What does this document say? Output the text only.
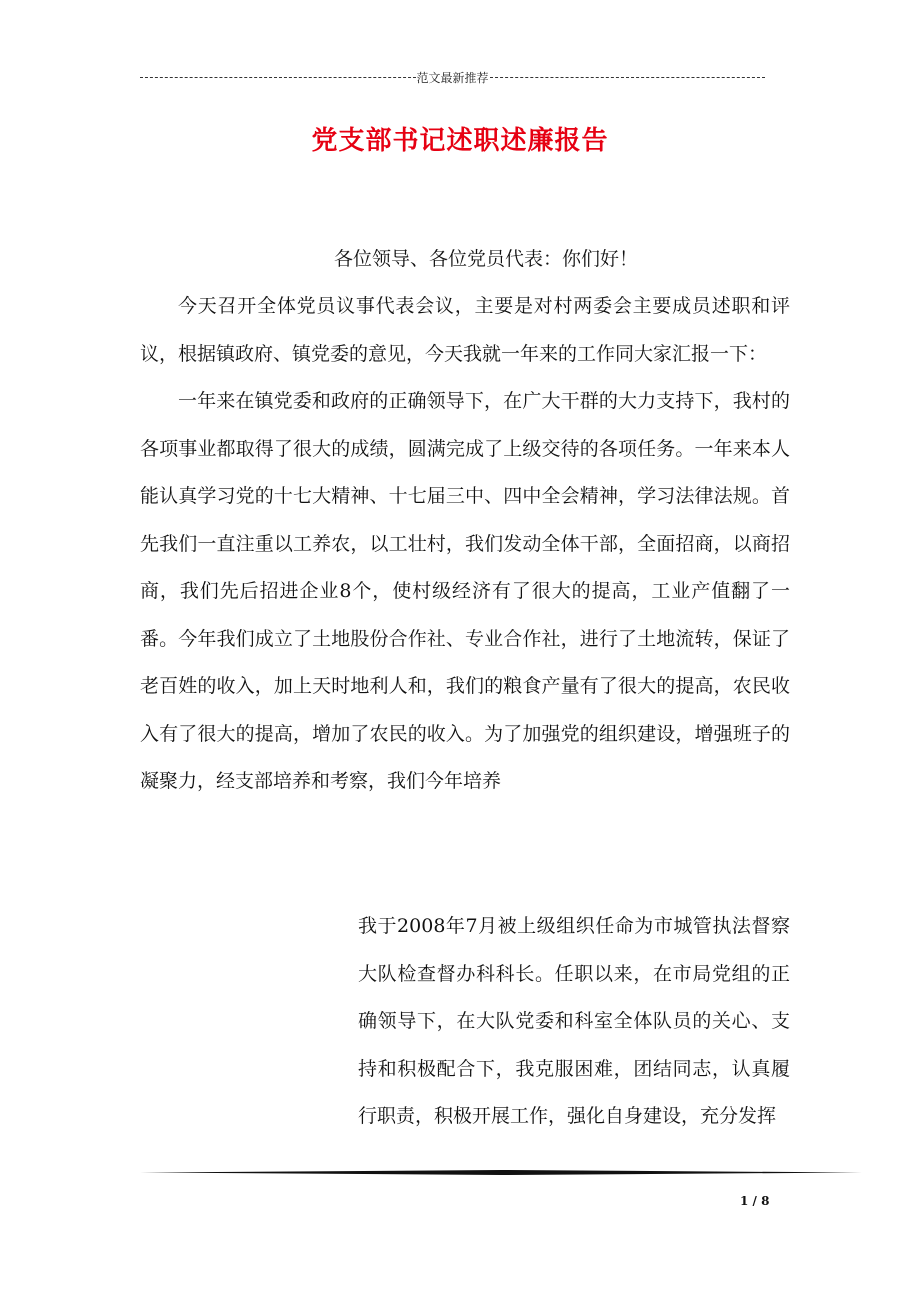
范文最新推荐
党支部书记述职述廉报告
各位领导、各位党员代表：你们好！

今天召开全体党员议事代表会议，主要是对村两委会主要成员述职和评议，根据镇政府、镇党委的意见，今天我就一年来的工作同大家汇报一下：

一年来在镇党委和政府的正确领导下，在广大干群的大力支持下，我村的各项事业都取得了很大的成绩，圆满完成了上级交待的各项任务。一年来本人能认真学习党的十七大精神、十七届三中、四中全会精神，学习法律法规。首先我们一直注重以工养农，以工壮村，我们发动全体干部，全面招商，以商招商，我们先后招进企业8个，使村级经济有了很大的提高，工业产值翻了一番。今年我们成立了土地股份合作社、专业合作社，进行了土地流转，保证了老百姓的收入，加上天时地利人和，我们的粮食产量有了很大的提高，农民收入有了很大的提高，增加了农民的收入。为了加强党的组织建设，增强班子的凝聚力，经支部培养和考察，我们今年培养

我于2008年7月被上级组织任命为市城管执法督察大队检查督办科科长。任职以来，在市局党组的正确领导下，在大队党委和科室全体队员的关心、支持和积极配合下，我克服困难，团结同志，认真履行职责，积极开展工作，强化自身建设，充分发挥

1 / 8
